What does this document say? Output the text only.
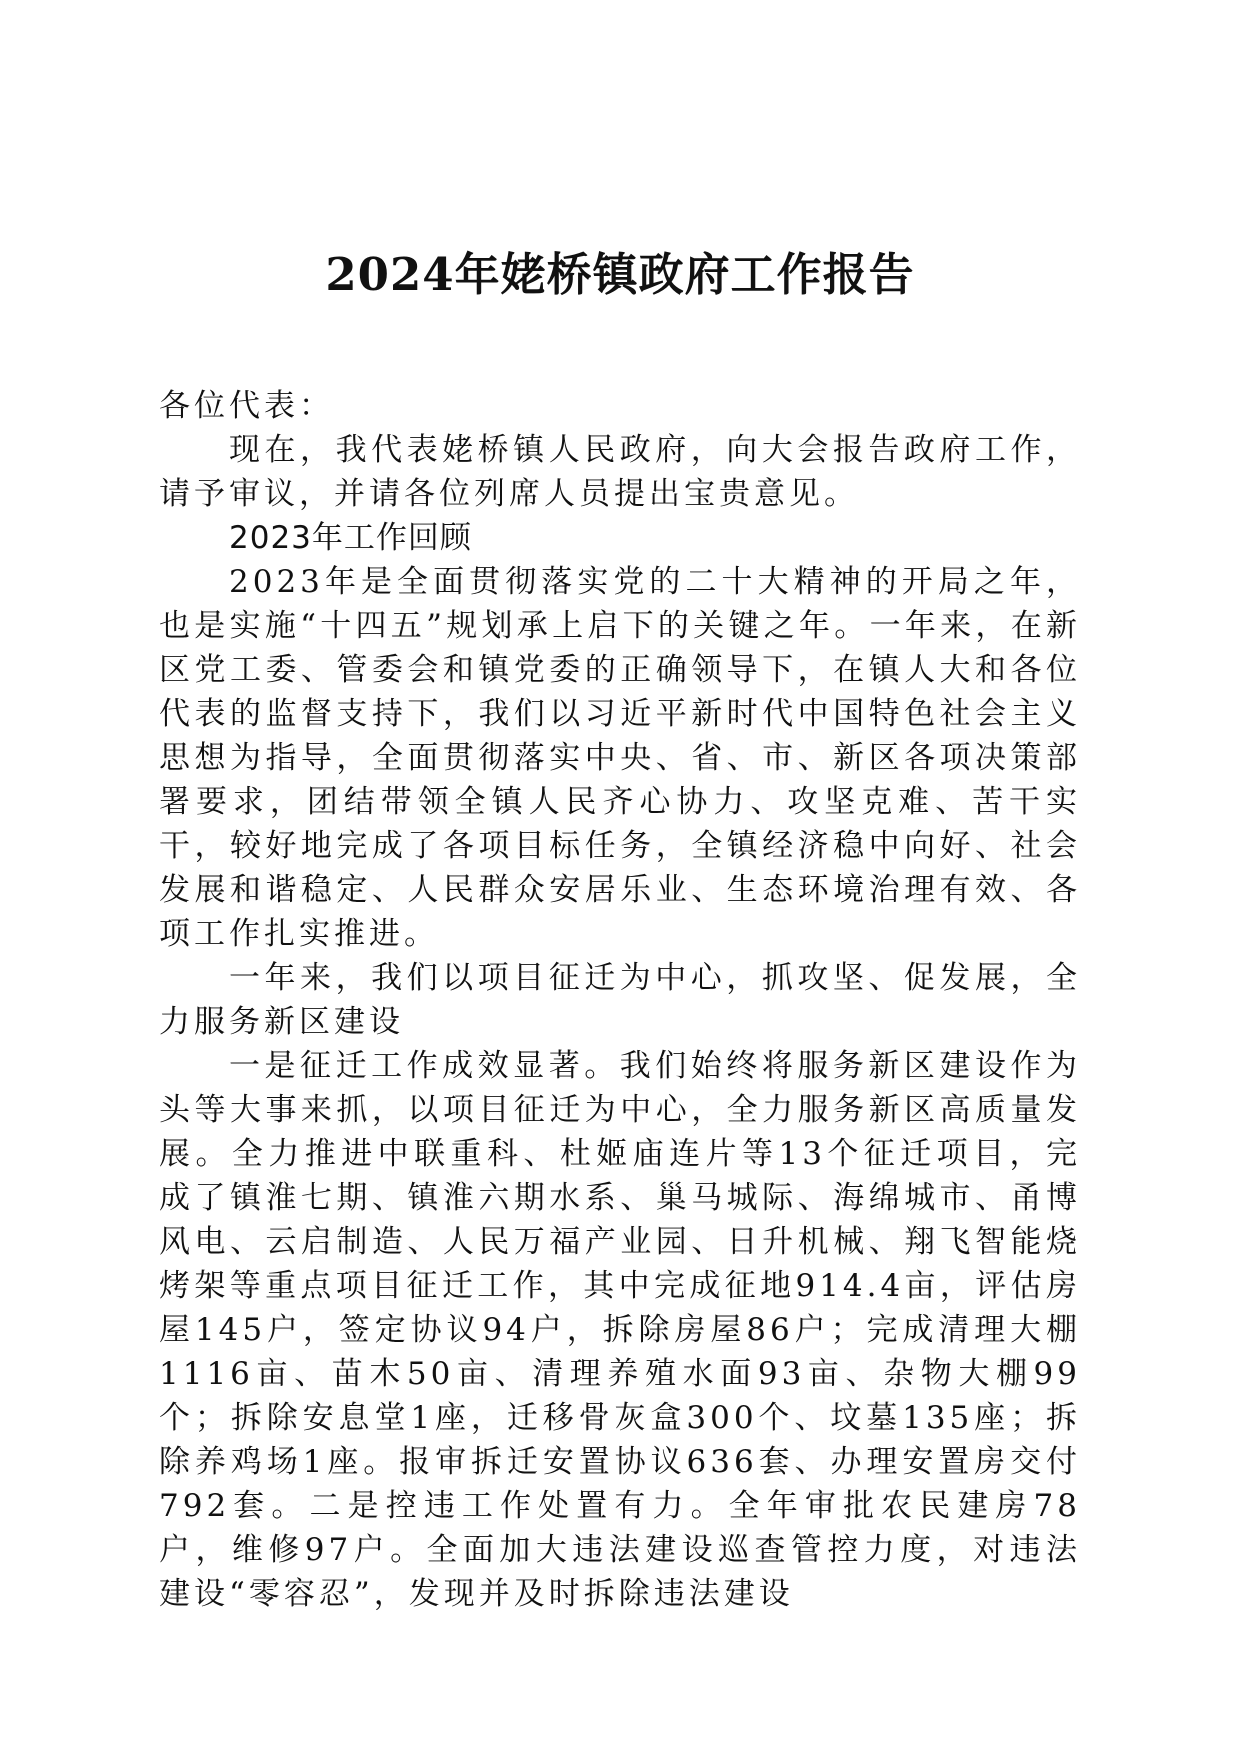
2024年姥桥镇政府工作报告

各位代表：

现在，我代表姥桥镇人民政府，向大会报告政府工作，请予审议，并请各位列席人员提出宝贵意见。

2023年工作回顾

2023年是全面贯彻落实党的二十大精神的开局之年，也是实施“十四五”规划承上启下的关键之年。一年来，在新区党工委、管委会和镇党委的正确领导下，在镇人大和各位代表的监督支持下，我们以习近平新时代中国特色社会主义思想为指导，全面贯彻落实中央、省、市、新区各项决策部署要求，团结带领全镇人民齐心协力、攻坚克难、苦干实干，较好地完成了各项目标任务，全镇经济稳中向好、社会发展和谐稳定、人民群众安居乐业、生态环境治理有效、各项工作扎实推进。

一年来，我们以项目征迁为中心，抓攻坚、促发展，全力服务新区建设

一是征迁工作成效显著。我们始终将服务新区建设作为头等大事来抓，以项目征迁为中心，全力服务新区高质量发展。全力推进中联重科、杜姬庙连片等13个征迁项目，完成了镇淮七期、镇淮六期水系、巢马城际、海绵城市、甬博风电、云启制造、人民万福产业园、日升机械、翔飞智能烧烤架等重点项目征迁工作，其中完成征地914.4亩，评估房屋145户，签定协议94户，拆除房屋86户；完成清理大棚1116亩、苗木50亩、清理养殖水面93亩、杂物大棚99个；拆除安息堂1座，迁移骨灰盒300个、坟墓135座；拆除养鸡场1座。报审拆迁安置协议636套、办理安置房交付792套。二是控违工作处置有力。全年审批农民建房78户，维修97户。全面加大违法建设巡查管控力度，对违法建设“零容忍”，发现并及时拆除违法建设
